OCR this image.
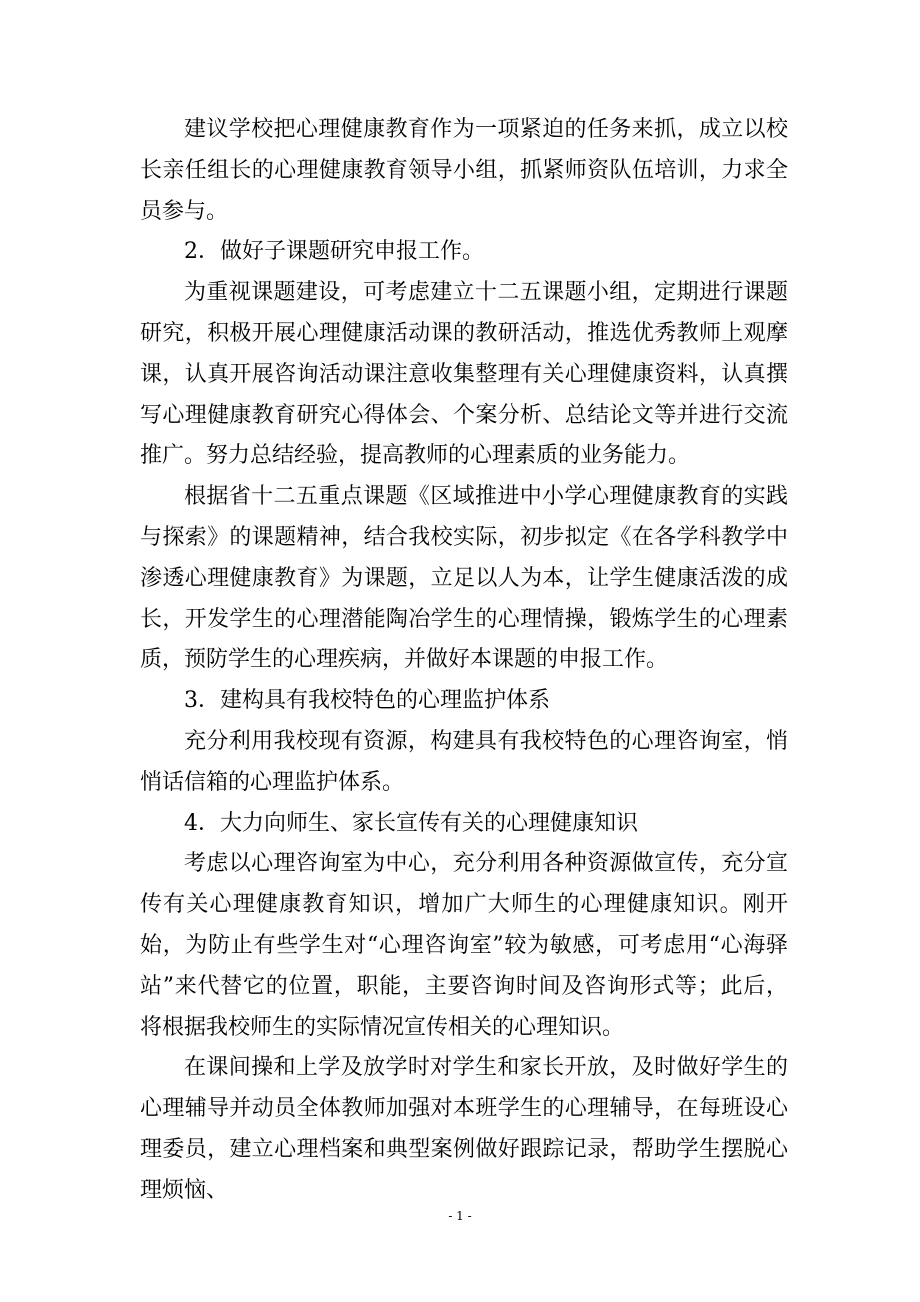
建议学校把心理健康教育作为一项紧迫的任务来抓，成立以校长亲任组长的心理健康教育领导小组，抓紧师资队伍培训，力求全员参与。

2．做好子课题研究申报工作。

为重视课题建设，可考虑建立十二五课题小组，定期进行课题研究，积极开展心理健康活动课的教研活动，推选优秀教师上观摩课，认真开展咨询活动课注意收集整理有关心理健康资料，认真撰写心理健康教育研究心得体会、个案分析、总结论文等并进行交流推广。努力总结经验，提高教师的心理素质的业务能力。

根据省十二五重点课题《区域推进中小学心理健康教育的实践与探索》的课题精神，结合我校实际，初步拟定《在各学科教学中渗透心理健康教育》为课题，立足以人为本，让学生健康活泼的成长，开发学生的心理潜能陶冶学生的心理情操，锻炼学生的心理素质，预防学生的心理疾病，并做好本课题的申报工作。

3．建构具有我校特色的心理监护体系

充分利用我校现有资源，构建具有我校特色的心理咨询室，悄悄话信箱的心理监护体系。

4．大力向师生、家长宣传有关的心理健康知识

考虑以心理咨询室为中心，充分利用各种资源做宣传，充分宣传有关心理健康教育知识，增加广大师生的心理健康知识。刚开始，为防止有些学生对“心理咨询室”较为敏感，可考虑用“心海驿站”来代替它的位置，职能，主要咨询时间及咨询形式等；此后，将根据我校师生的实际情况宣传相关的心理知识。

在课间操和上学及放学时对学生和家长开放，及时做好学生的心理辅导并动员全体教师加强对本班学生的心理辅导，在每班设心理委员，建立心理档案和典型案例做好跟踪记录，帮助学生摆脱心理烦恼、

- 1 -
